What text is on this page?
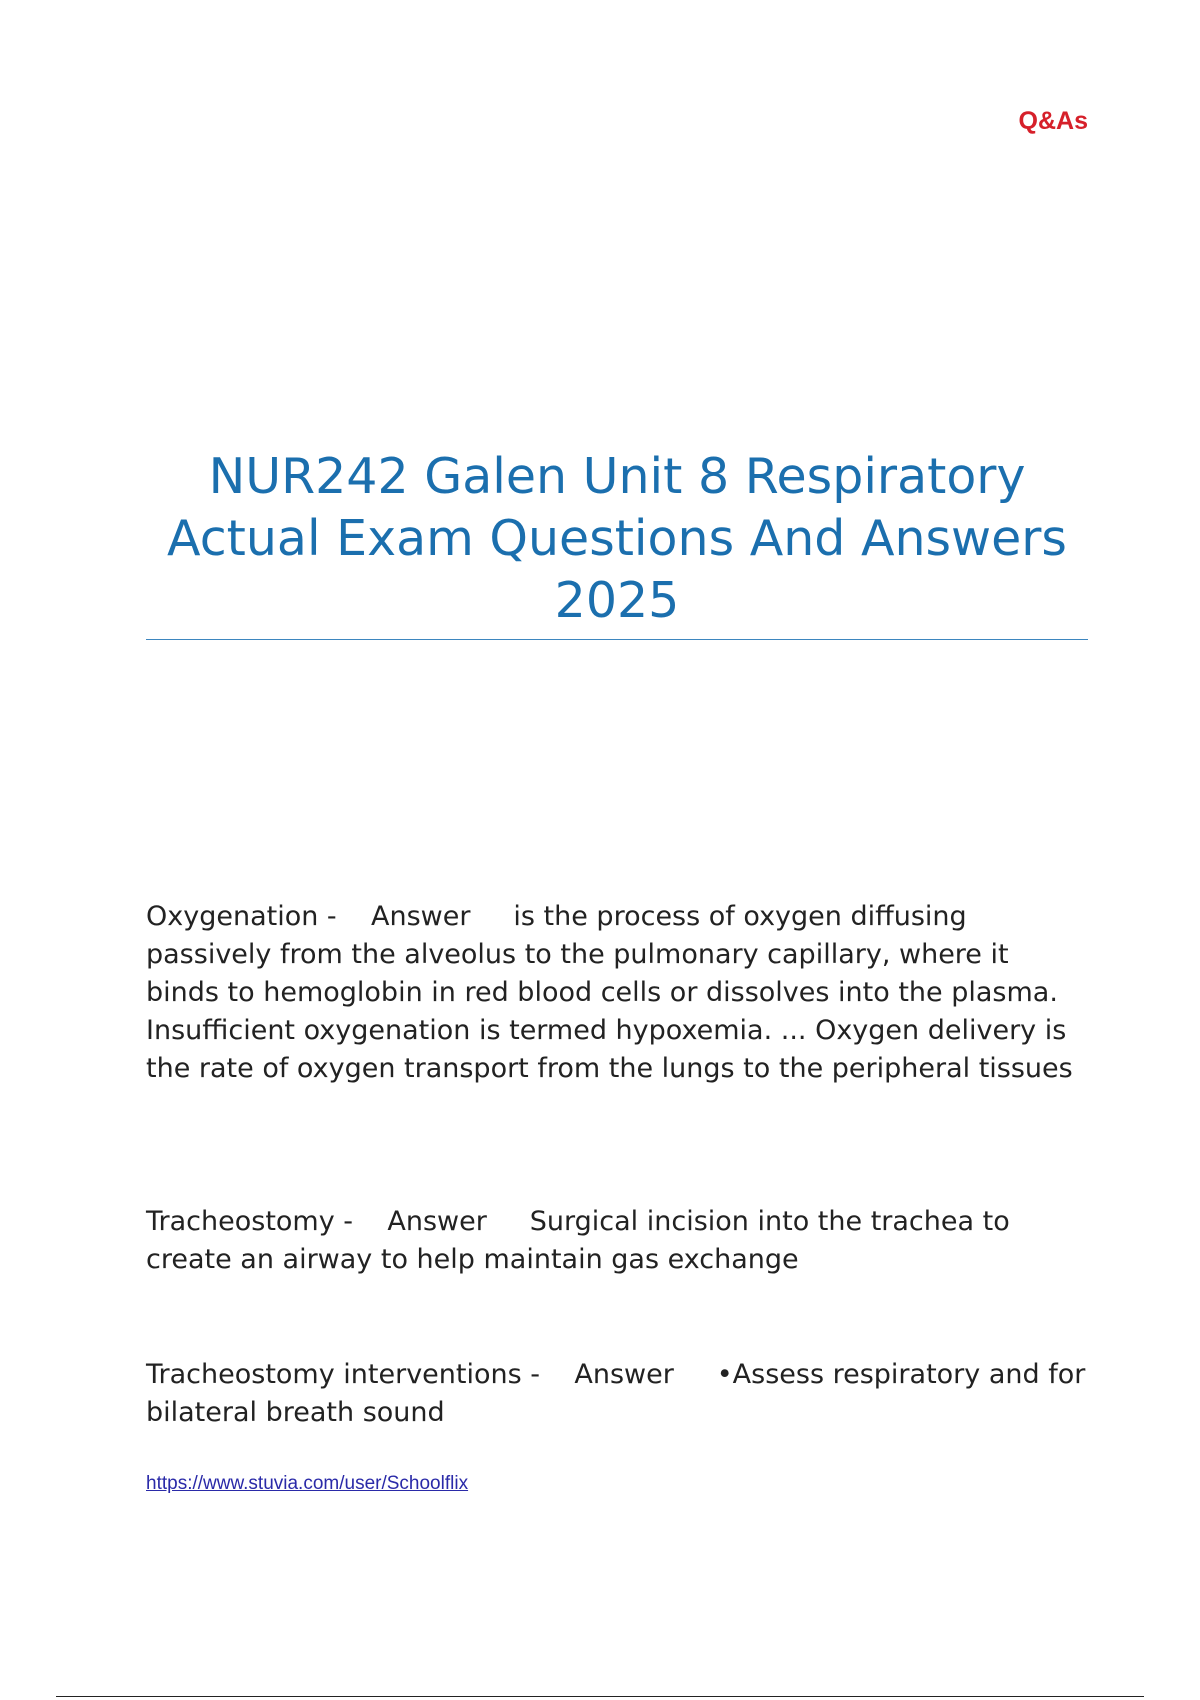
Q&As
NUR242 Galen Unit 8 Respiratory Actual Exam Questions And Answers 2025
Oxygenation - Answer is the process of oxygen diffusing passively from the alveolus to the pulmonary capillary, where it binds to hemoglobin in red blood cells or dissolves into the plasma. Insufficient oxygenation is termed hypoxemia. ... Oxygen delivery is the rate of oxygen transport from the lungs to the peripheral tissues
Tracheostomy - Answer Surgical incision into the trachea to create an airway to help maintain gas exchange
Tracheostomy interventions - Answer •Assess respiratory and for bilateral breath sound
https://www.stuvia.com/user/Schoolflix
